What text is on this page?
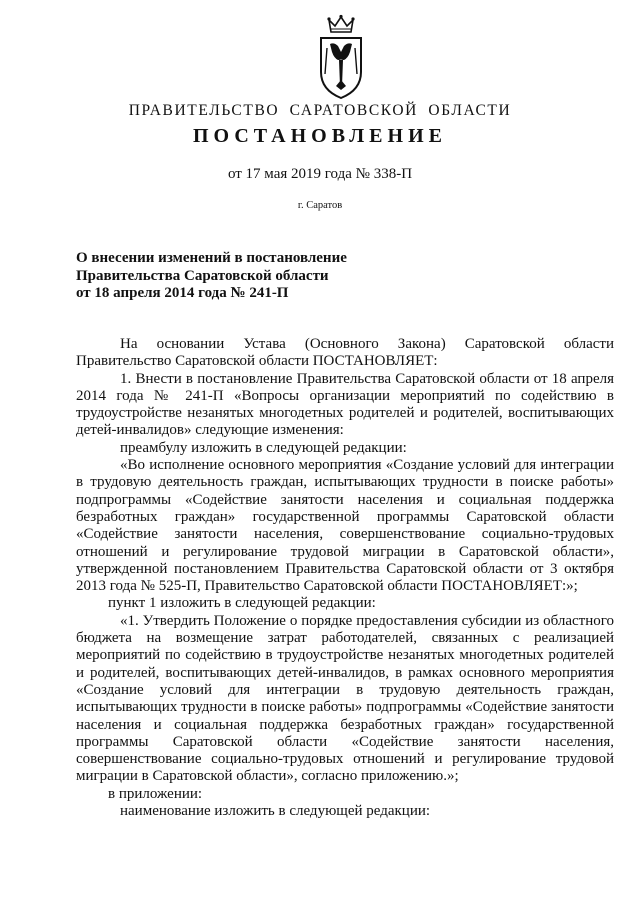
ПРАВИТЕЛЬСТВО САРАТОВСКОЙ ОБЛАСТИ
ПОСТАНОВЛЕНИЕ
от 17 мая 2019 года № 338-П
г. Саратов
О внесении изменений в постановление
Правительства Саратовской области
от 18 апреля 2014 года № 241-П

На основании Устава (Основного Закона) Саратовской области Правительство Саратовской области ПОСТАНОВЛЯЕТ:

1. Внести в постановление Правительства Саратовской области от 18 апреля 2014 года № 241-П «Вопросы организации мероприятий по содействию в трудоустройстве незанятых многодетных родителей и родителей, воспитывающих детей-инвалидов» следующие изменения:

преамбулу изложить в следующей редакции:

«Во исполнение основного мероприятия «Создание условий для интеграции в трудовую деятельность граждан, испытывающих трудности в поиске работы» подпрограммы «Содействие занятости населения и социальная поддержка безработных граждан» государственной программы Саратовской области «Содействие занятости населения, совершенствование социально-трудовых отношений и регулирование трудовой миграции в Саратовской области», утвержденной постановлением Правительства Саратовской области от 3 октября 2013 года № 525-П, Правительство Саратовской области ПОСТАНОВЛЯЕТ:»;

пункт 1 изложить в следующей редакции:

«1. Утвердить Положение о порядке предоставления субсидии из областного бюджета на возмещение затрат работодателей, связанных с реализацией мероприятий по содействию в трудоустройстве незанятых многодетных родителей и родителей, воспитывающих детей-инвалидов, в рамках основного мероприятия «Создание условий для интеграции в трудовую деятельность граждан, испытывающих трудности в поиске работы» подпрограммы «Содействие занятости населения и социальная поддержка безработных граждан» государственной программы Саратовской области «Содействие занятости населения, совершенствование социально-трудовых отношений и регулирование трудовой миграции в Саратовской области», согласно приложению.»;

в приложении:

наименование изложить в следующей редакции:
